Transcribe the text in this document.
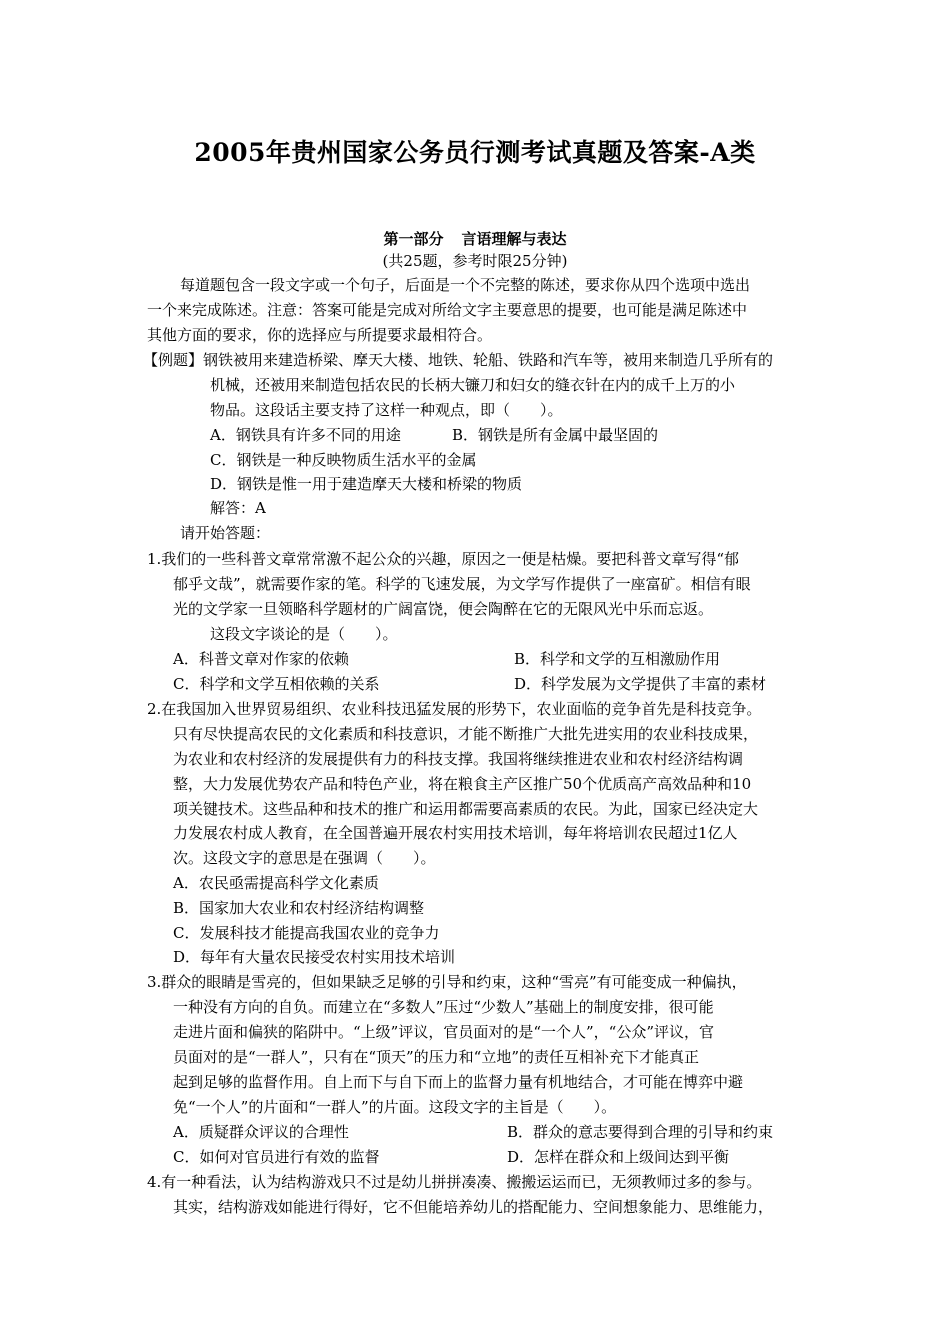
2005年贵州国家公务员行测考试真题及答案-A类
第一部分 言语理解与表达
(共25题，参考时限25分钟)
每道题包含一段文字或一个句子，后面是一个不完整的陈述，要求你从四个选项中选出
一个来完成陈述。注意：答案可能是完成对所给文字主要意思的提要，也可能是满足陈述中
其他方面的要求，你的选择应与所提要求最相符合。
【例题】钢铁被用来建造桥梁、摩天大楼、地铁、轮船、铁路和汽车等，被用来制造几乎所有的
机械，还被用来制造包括农民的长柄大镰刀和妇女的缝衣针在内的成千上万的小
物品。这段话主要支持了这样一种观点，即（　　）。
A．钢铁具有许多不同的用途	B．钢铁是所有金属中最坚固的
C．钢铁是一种反映物质生活水平的金属
D．钢铁是惟一用于建造摩天大楼和桥梁的物质
解答：A
请开始答题：
1.我们的一些科普文章常常激不起公众的兴趣，原因之一便是枯燥。要把科普文章写得“郁
郁乎文哉”，就需要作家的笔。科学的飞速发展，为文学写作提供了一座富矿。相信有眼
光的文学家一旦领略科学题材的广阔富饶，便会陶醉在它的无限风光中乐而忘返。
这段文字谈论的是（　　）。
A．科普文章对作家的依赖	B．科学和文学的互相激励作用
C．科学和文学互相依赖的关系	D．科学发展为文学提供了丰富的素材
2.在我国加入世界贸易组织、农业科技迅猛发展的形势下，农业面临的竞争首先是科技竞争。
只有尽快提高农民的文化素质和科技意识，才能不断推广大批先进实用的农业科技成果，
为农业和农村经济的发展提供有力的科技支撑。我国将继续推进农业和农村经济结构调
整，大力发展优势农产品和特色产业，将在粮食主产区推广50个优质高产高效品种和10
项关键技术。这些品种和技术的推广和运用都需要高素质的农民。为此，国家已经决定大
力发展农村成人教育，在全国普遍开展农村实用技术培训，每年将培训农民超过1亿人
次。这段文字的意思是在强调（　　）。
A．农民亟需提高科学文化素质
B．国家加大农业和农村经济结构调整
C．发展科技才能提高我国农业的竞争力
D．每年有大量农民接受农村实用技术培训
3.群众的眼睛是雪亮的，但如果缺乏足够的引导和约束，这种“雪亮”有可能变成一种偏执，
一种没有方向的自负。而建立在“多数人”压过“少数人”基础上的制度安排，很可能
走进片面和偏狭的陷阱中。“上级”评议，官员面对的是“一个人”，“公众”评议，官
员面对的是“一群人”，只有在“顶天”的压力和“立地”的责任互相补充下才能真正
起到足够的监督作用。自上而下与自下而上的监督力量有机地结合，才可能在博弈中避
免“一个人”的片面和“一群人”的片面。这段文字的主旨是（　　）。
A．质疑群众评议的合理性	B．群众的意志要得到合理的引导和约束
C．如何对官员进行有效的监督	D．怎样在群众和上级间达到平衡
4.有一种看法，认为结构游戏只不过是幼儿拼拼凑凑、搬搬运运而已，无须教师过多的参与。
其实，结构游戏如能进行得好，它不但能培养幼儿的搭配能力、空间想象能力、思维能力，
